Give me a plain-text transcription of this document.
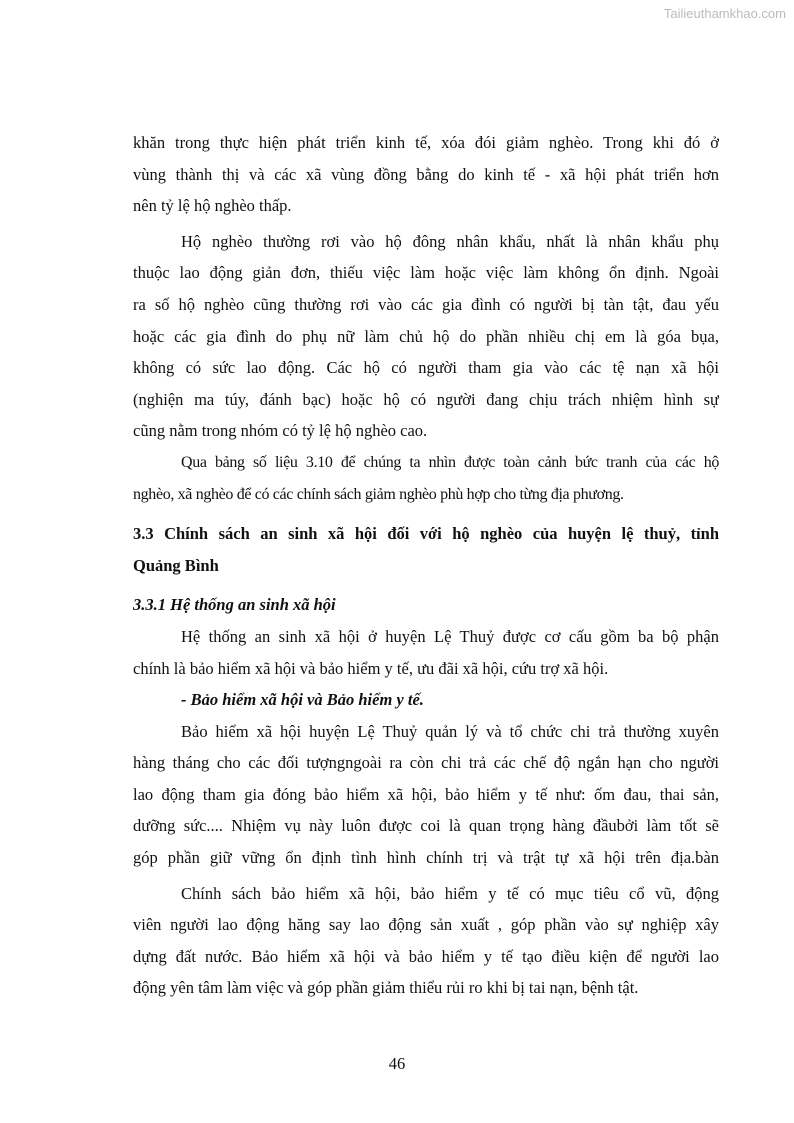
Tailieuthamkhao.com
khăn trong thực hiện phát triển kinh tế, xóa đói giảm nghèo. Trong khi đó ở
vùng thành thị và các xã vùng đồng bằng do kinh tế - xã hội phát triển hơn
nên tỷ lệ hộ nghèo thấp.
Hộ nghèo thường rơi vào hộ đông nhân khẩu, nhất là nhân khẩu phụ
thuộc lao động giản đơn, thiếu việc làm hoặc việc làm không ổn định. Ngoài
ra số hộ nghèo cũng thường rơi vào các gia đình có người bị tàn tật, đau yếu
hoặc các gia đình do phụ nữ làm chủ hộ do phần nhiều chị em là góa bụa,
không có sức lao động. Các hộ có người tham gia vào các tệ nạn xã hội
(nghiện ma túy, đánh bạc) hoặc hộ có người đang chịu trách nhiệm hình sự
cũng nằm trong nhóm có tỷ lệ hộ nghèo cao.
Qua bảng số liệu 3.10 để chúng ta nhìn được toàn cảnh bức tranh của các hộ
nghèo, xã nghèo để có các chính sách giảm nghèo phù hợp cho từng địa phương.
3.3 Chính sách an sinh xã hội đối với hộ nghèo của huyện lệ thuỷ, tỉnh
Quảng Bình
3.3.1 Hệ thống an sinh xã hội
Hệ thống an sinh xã hội ở huyện Lệ Thuỷ được cơ cấu gồm ba bộ phận
chính là bảo hiểm xã hội và bảo hiểm y tế, ưu đãi xã hội, cứu trợ xã hội.
- Bảo hiểm xã hội và Bảo hiểm y tế.
Bảo hiểm xã hội huyện Lệ Thuỷ quản lý và tổ chức chi trả thường xuyên
hàng tháng cho các đối tượngngoài ra còn chi trả các chế độ ngắn hạn cho người
lao động tham gia đóng bảo hiểm xã hội, bảo hiểm y tế như: ốm đau, thai sản,
dưỡng sức.... Nhiệm vụ này luôn được coi là quan trọng hàng đầubởi làm tốt sẽ
góp phần giữ vững ổn định tình hình chính trị và trật tự xã hội trên địa.bàn
Chính sách bảo hiểm xã hội, bảo hiểm y tế có mục tiêu cổ vũ, động
viên người lao động hăng say lao động sản xuất , góp phần vào sự nghiệp xây
dựng đất nước. Bảo hiểm xã hội và bảo hiểm y tế tạo điều kiện để người lao
động yên tâm làm việc và góp phần giảm thiểu rủi ro khi bị tai nạn, bệnh tật.
46
